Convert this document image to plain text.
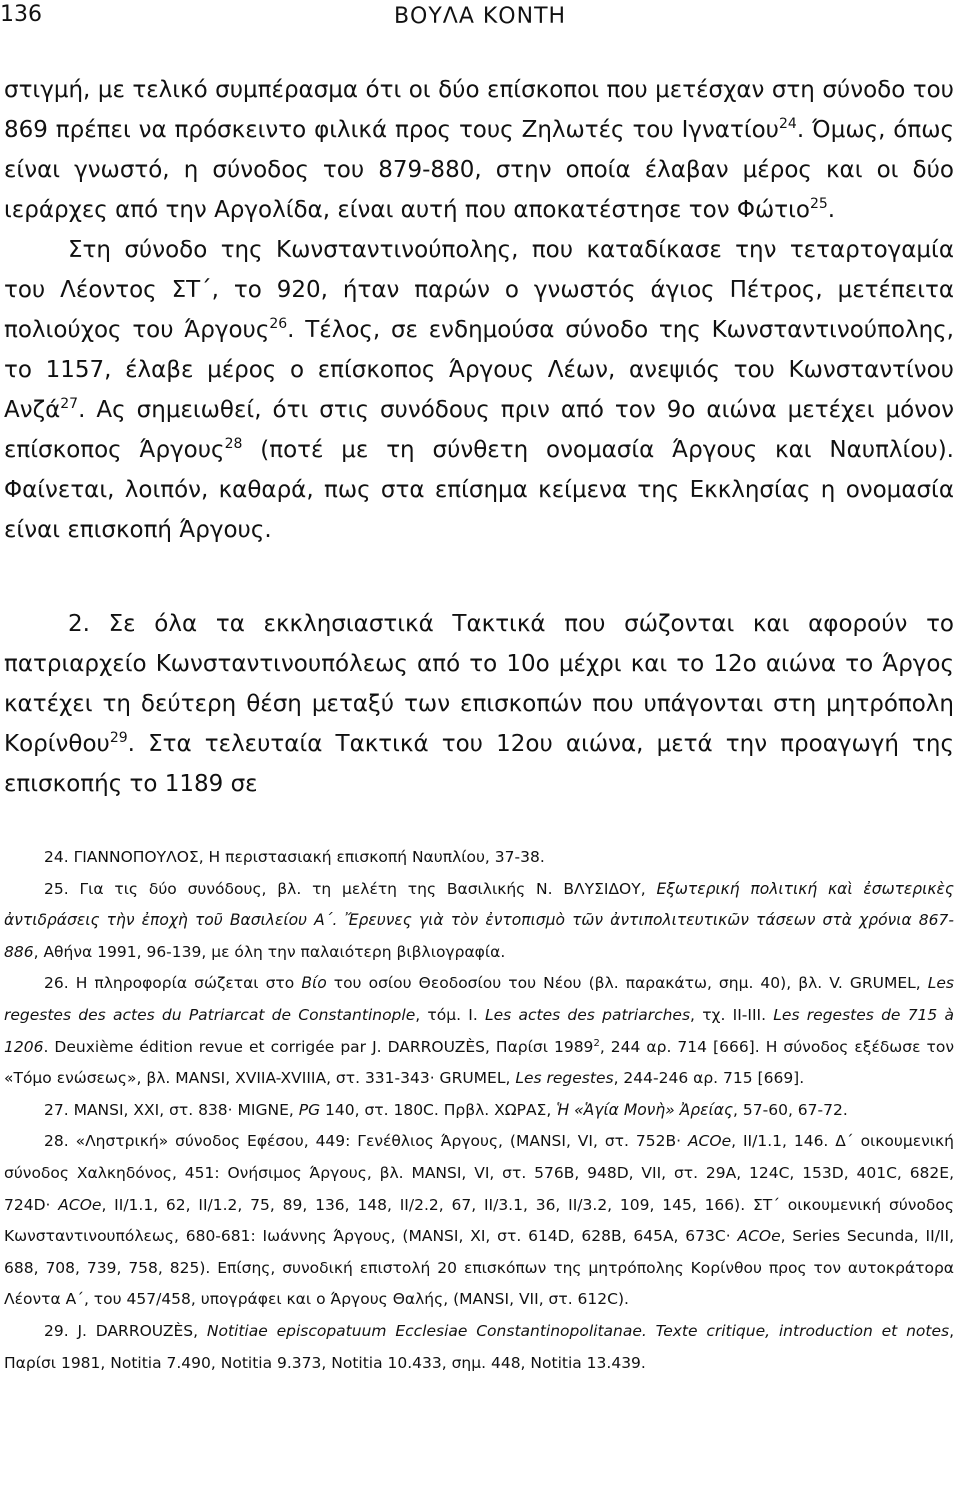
136	ΒΟΥΛΑ ΚΟΝΤΗ

στιγμή, με τελικό συμπέρασμα ότι οι δύο επίσκοποι που μετέσχαν στη σύνοδο του 869 πρέπει να πρόσκειντο φιλικά προς τους Ζηλωτές του Ιγνατίου$^{24}$. Όμως, όπως είναι γνωστό, η σύνοδος του 879-880, στην οποία έλαβαν μέρος και οι δύο ιεράρχες από την Αργολίδα, είναι αυτή που αποκατέστησε τον Φώτιο$^{25}$.

Στη σύνοδο της Κωνσταντινούπολης, που καταδίκασε την τεταρτογαμία του Λέοντος ΣΤ΄, το 920, ήταν παρών ο γνωστός άγιος Πέτρος, μετέπειτα πολιούχος του Άργους$^{26}$. Τέλος, σε ενδημούσα σύνοδο της Κωνσταντινούπολης, το 1157, έλαβε μέρος ο επίσκοπος Άργους Λέων, ανεψιός του Κωνσταντίνου Ανζά$^{27}$. Ας σημειωθεί, ότι στις συνόδους πριν από τον 9ο αιώνα μετέχει μόνον επίσκοπος Άργους$^{28}$ (ποτέ με τη σύνθετη ονομασία Άργους και Ναυπλίου). Φαίνεται, λοιπόν, καθαρά, πως στα επίσημα κείμενα της Εκκλησίας η ονομασία είναι επισκοπή Άργους.

2. Σε όλα τα εκκλησιαστικά Τακτικά που σώζονται και αφορούν το πατριαρχείο Κωνσταντινουπόλεως από το 10ο μέχρι και το 12ο αιώνα το Άργος κατέχει τη δεύτερη θέση μεταξύ των επισκοπών που υπάγονται στη μητρόπολη Κορίνθου$^{29}$. Στα τελευταία Τακτικά του 12ου αιώνα, μετά την προαγωγή της επισκοπής το 1189 σε

24. ΓΙΑΝΝΟΠΟΥΛΟΣ, Η περιστασιακή επισκοπή Ναυπλίου, 37-38.

25. Για τις δύο συνόδους, βλ. τη μελέτη της Βασιλικής Ν. ΒΛΥΣΙΔΟΥ, Εξωτερική πολιτική καὶ ἐσωτερικὲς ἀντιδράσεις τὴν ἐποχὴ τοῦ Βασιλείου Α΄. Ἔρευνες γιὰ τὸν ἐντοπισμὸ τῶν ἀντιπολιτευτικῶν τάσεων στὰ χρόνια 867-886, Αθήνα 1991, 96-139, με όλη την παλαιότερη βιβλιογραφία.

26. Η πληροφορία σώζεται στο Βίο του οσίου Θεοδοσίου του Νέου (βλ. παρακάτω, σημ. 40), βλ. V. GRUMEL, Les regestes des actes du Patriarcat de Constantinople, τόμ. I. Les actes des patriarches, τχ. II-III. Les regestes de 715 à 1206. Deuxième édition revue et corrigée par J. DARROUZÈS, Παρίσι 1989$^2$, 244 αρ. 714 [666]. Η σύνοδος εξέδωσε τον «Τόμο ενώσεως», βλ. MANSI, XVIIA-XVIIIA, στ. 331-343· GRUMEL, Les regestes, 244-246 αρ. 715 [669].

27. MANSI, XXI, στ. 838· MIGNE, PG 140, στ. 180C. Πρβλ. ΧΩΡΑΣ, Ἡ «Ἁγία Μονὴ» Ἀρείας, 57-60, 67-72.

28. «Ληστρική» σύνοδος Εφέσου, 449: Γενέθλιος Άργους, (MANSI, VI, στ. 752B· ACOe, II/1.1, 146. Δ΄ οικουμενική σύνοδος Χαλκηδόνος, 451: Ονήσιμος Άργους, βλ. MANSI, VI, στ. 576B, 948D, VII, στ. 29A, 124C, 153D, 401C, 682E, 724D· ACOe, II/1.1, 62, II/1.2, 75, 89, 136, 148, II/2.2, 67, II/3.1, 36, II/3.2, 109, 145, 166). ΣΤ΄ οικουμενική σύνοδος Κωνσταντινουπόλεως, 680-681: Ιωάννης Άργους, (MANSI, XI, στ. 614D, 628B, 645A, 673C· ACOe, Series Secunda, II/II, 688, 708, 739, 758, 825). Επίσης, συνοδική επιστολή 20 επισκόπων της μητρόπολης Κορίνθου προς τον αυτοκράτορα Λέοντα Α΄, του 457/458, υπογράφει και ο Άργους Θαλής, (MANSI, VII, στ. 612C).

29. J. DARROUZÈS, Notitiae episcopatuum Ecclesiae Constantinopolitanae. Texte critique, introduction et notes, Παρίσι 1981, Notitia 7.490, Notitia 9.373, Notitia 10.433, σημ. 448, Notitia 13.439.
